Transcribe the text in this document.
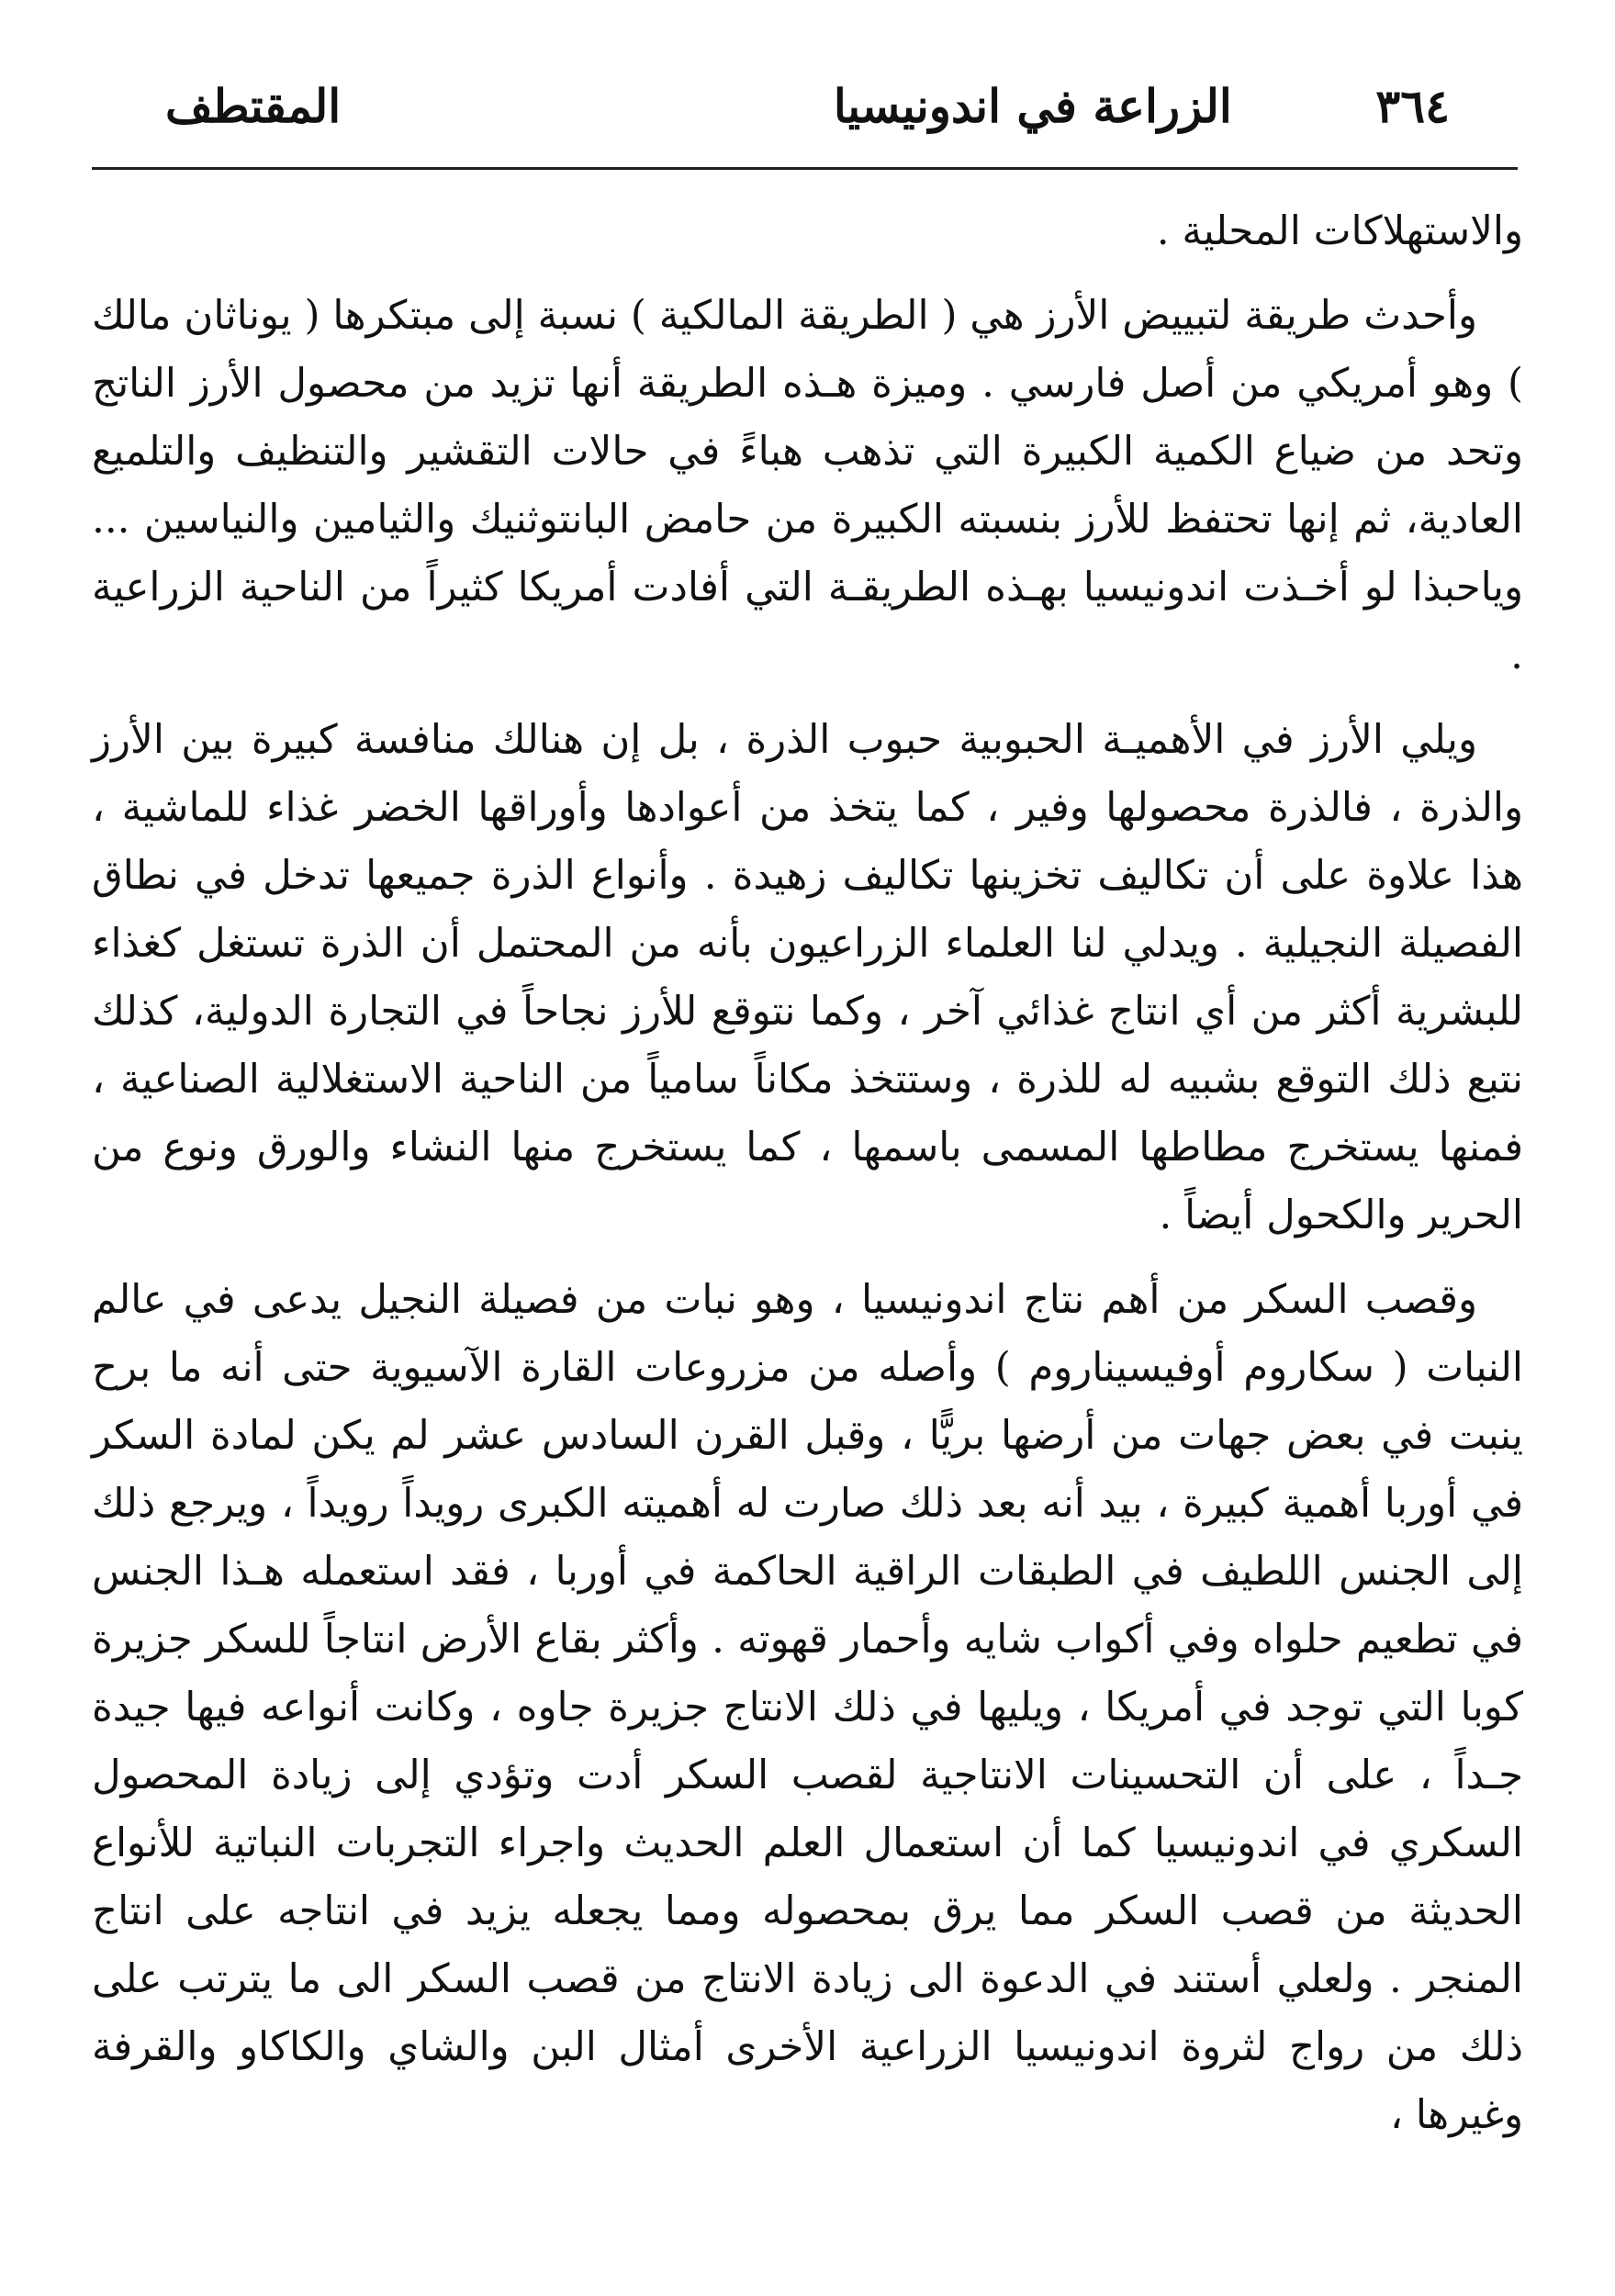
٣٦٤
الزراعة في اندونيسيا
المقتطف

والاستهلاكات المحلية .

وأحدث طريقة لتبييض الأرز هي ( الطريقة المالكية ) نسبة إلى مبتكرها ( يوناثان مالك ) وهو أمريكي من أصل فارسي . وميزة هـذه الطريقة أنها تزيد من محصول الأرز الناتج وتحد من ضياع الكمية الكبيرة التي تذهب هباءً في حالات التقشير والتنظيف والتلميع العادية، ثم إنها تحتفظ للأرز بنسبته الكبيرة من حامض البانتوثنيك والثيامين والنياسين ... وياحبذا لو أخـذت اندونيسيا بهـذه الطريقـة التي أفادت أمريكا كثيراً من الناحية الزراعية .

ويلي الأرز في الأهميـة الحبوبية حبوب الذرة ، بل إن هنالك منافسة كبيرة بين الأرز والذرة ، فالذرة محصولها وفير ، كما يتخذ من أعوادها وأوراقها الخضر غذاء للماشية ، هذا علاوة على أن تكاليف تخزينها تكاليف زهيدة . وأنواع الذرة جميعها تدخل في نطاق الفصيلة النجيلية . ويدلي لنا العلماء الزراعيون بأنه من المحتمل أن الذرة تستغل كغذاء للبشرية أكثر من أي انتاج غذائي آخر ، وكما نتوقع للأرز نجاحاً في التجارة الدولية، كذلك نتبع ذلك التوقع بشبيه له للذرة ، وستتخذ مكاناً سامياً من الناحية الاستغلالية الصناعية ، فمنها يستخرج مطاطها المسمى باسمها ، كما يستخرج منها النشاء والورق ونوع من الحرير والكحول أيضاً .

وقصب السكر من أهم نتاج اندونيسيا ، وهو نبات من فصيلة النجيل يدعى في عالم النبات ( سكاروم أوفيسيناروم ) وأصله من مزروعات القارة الآسيوية حتى أنه ما برح ينبت في بعض جهات من أرضها بريًّا ، وقبل القرن السادس عشر لم يكن لمادة السكر في أوربا أهمية كبيرة ، بيد أنه بعد ذلك صارت له أهميته الكبرى رويداً رويداً ، ويرجع ذلك إلى الجنس اللطيف في الطبقات الراقية الحاكمة في أوربا ، فقد استعمله هـذا الجنس في تطعيم حلواه وفي أكواب شايه وأحمار قهوته . وأكثر بقاع الأرض انتاجاً للسكر جزيرة كوبا التي توجد في أمريكا ، ويليها في ذلك الانتاج جزيرة جاوه ، وكانت أنواعه فيها جيدة جـداً ، على أن التحسينات الانتاجية لقصب السكر أدت وتؤدي إلى زيادة المحصول السكري في اندونيسيا كما أن استعمال العلم الحديث واجراء التجربات النباتية للأنواع الحديثة من قصب السكر مما يرق بمحصوله ومما يجعله يزيد في انتاجه على انتاج المنجر . ولعلي أستند في الدعوة الى زيادة الانتاج من قصب السكر الى ما يترتب على ذلك من رواج لثروة اندونيسيا الزراعية الأخرى أمثال البن والشاي والكاكاو والقرفة وغيرها ،
